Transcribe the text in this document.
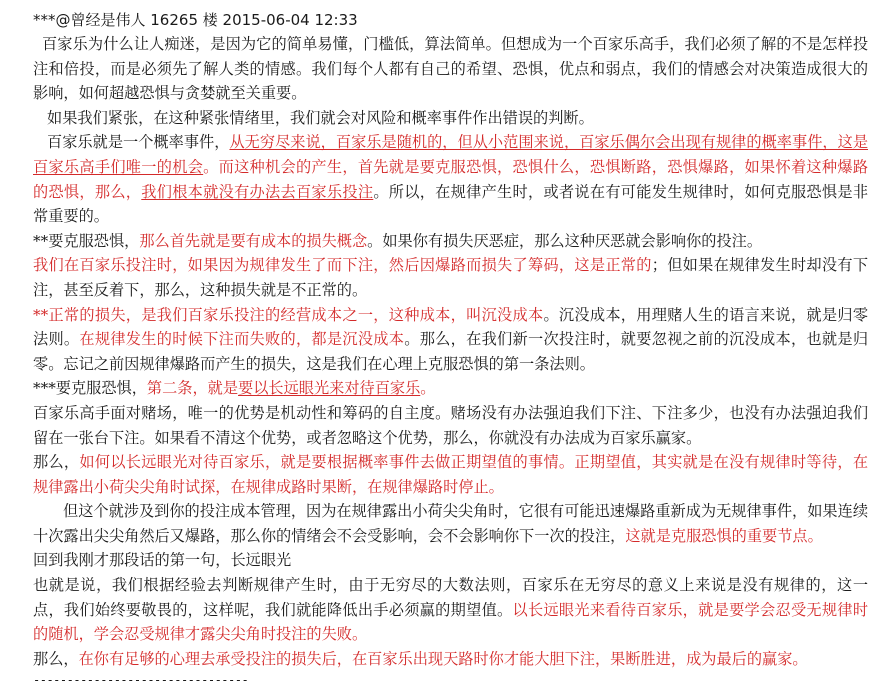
***@曾经是伟人 16265 楼 2015-06-04 12:33

百家乐为什么让人痴迷，是因为它的简单易懂，门槛低，算法简单。但想成为一个百家乐高手，我们必须了解的不是怎样投注和倍投，而是必须先了解人类的情感。我们每个人都有自己的希望、恐惧，优点和弱点，我们的情感会对决策造成很大的影响，如何超越恐惧与贪婪就至关重要。

如果我们紧张，在这种紧张情绪里，我们就会对风险和概率事件作出错误的判断。

百家乐就是一个概率事件，从无穷尽来说，百家乐是随机的，但从小范围来说，百家乐偶尔会出现有规律的概率事件，这是百家乐高手们唯一的机会。而这种机会的产生，首先就是要克服恐惧，恐惧什么，恐惧断路，恐惧爆路，如果怀着这种爆路的恐惧，那么，我们根本就没有办法去百家乐投注。所以，在规律产生时，或者说在有可能发生规律时，如何克服恐惧是非常重要的。

**要克服恐惧，那么首先就是要有成本的损失概念。如果你有损失厌恶症，那么这种厌恶就会影响你的投注。

我们在百家乐投注时，如果因为规律发生了而下注，然后因爆路而损失了筹码，这是正常的；但如果在规律发生时却没有下注，甚至反着下，那么，这种损失就是不正常的。

**正常的损失，是我们百家乐投注的经营成本之一，这种成本，叫沉没成本。沉没成本，用理赌人生的语言来说，就是归零法则。在规律发生的时候下注而失败的，都是沉没成本。那么，在我们新一次投注时，就要忽视之前的沉没成本，也就是归零。忘记之前因规律爆路而产生的损失，这是我们在心理上克服恐惧的第一条法则。

***要克服恐惧，第二条，就是要以长远眼光来对待百家乐。

百家乐高手面对赌场，唯一的优势是机动性和筹码的自主度。赌场没有办法强迫我们下注、下注多少，也没有办法强迫我们留在一张台下注。如果看不清这个优势，或者忽略这个优势，那么，你就没有办法成为百家乐赢家。

那么，如何以长远眼光对待百家乐，就是要根据概率事件去做正期望值的事情。正期望值，其实就是在没有规律时等待，在规律露出小荷尖尖角时试探，在规律成路时果断，在规律爆路时停止。

但这个就涉及到你的投注成本管理，因为在规律露出小荷尖尖角时，它很有可能迅速爆路重新成为无规律事件，如果连续十次露出尖尖角然后又爆路，那么你的情绪会不会受影响，会不会影响你下一次的投注，这就是克服恐惧的重要节点。

回到我刚才那段话的第一句，长远眼光

也就是说，我们根据经验去判断规律产生时，由于无穷尽的大数法则，百家乐在无穷尽的意义上来说是没有规律的，这一点，我们始终要敬畏的，这样呢，我们就能降低出手必须赢的期望值。以长远眼光来看待百家乐，就是要学会忍受无规律时的随机，学会忍受规律才露尖尖角时投注的失败。

那么，在你有足够的心理去承受投注的损失后，在百家乐出现天路时你才能大胆下注，果断胜进，成为最后的赢家。

--------------------------------
